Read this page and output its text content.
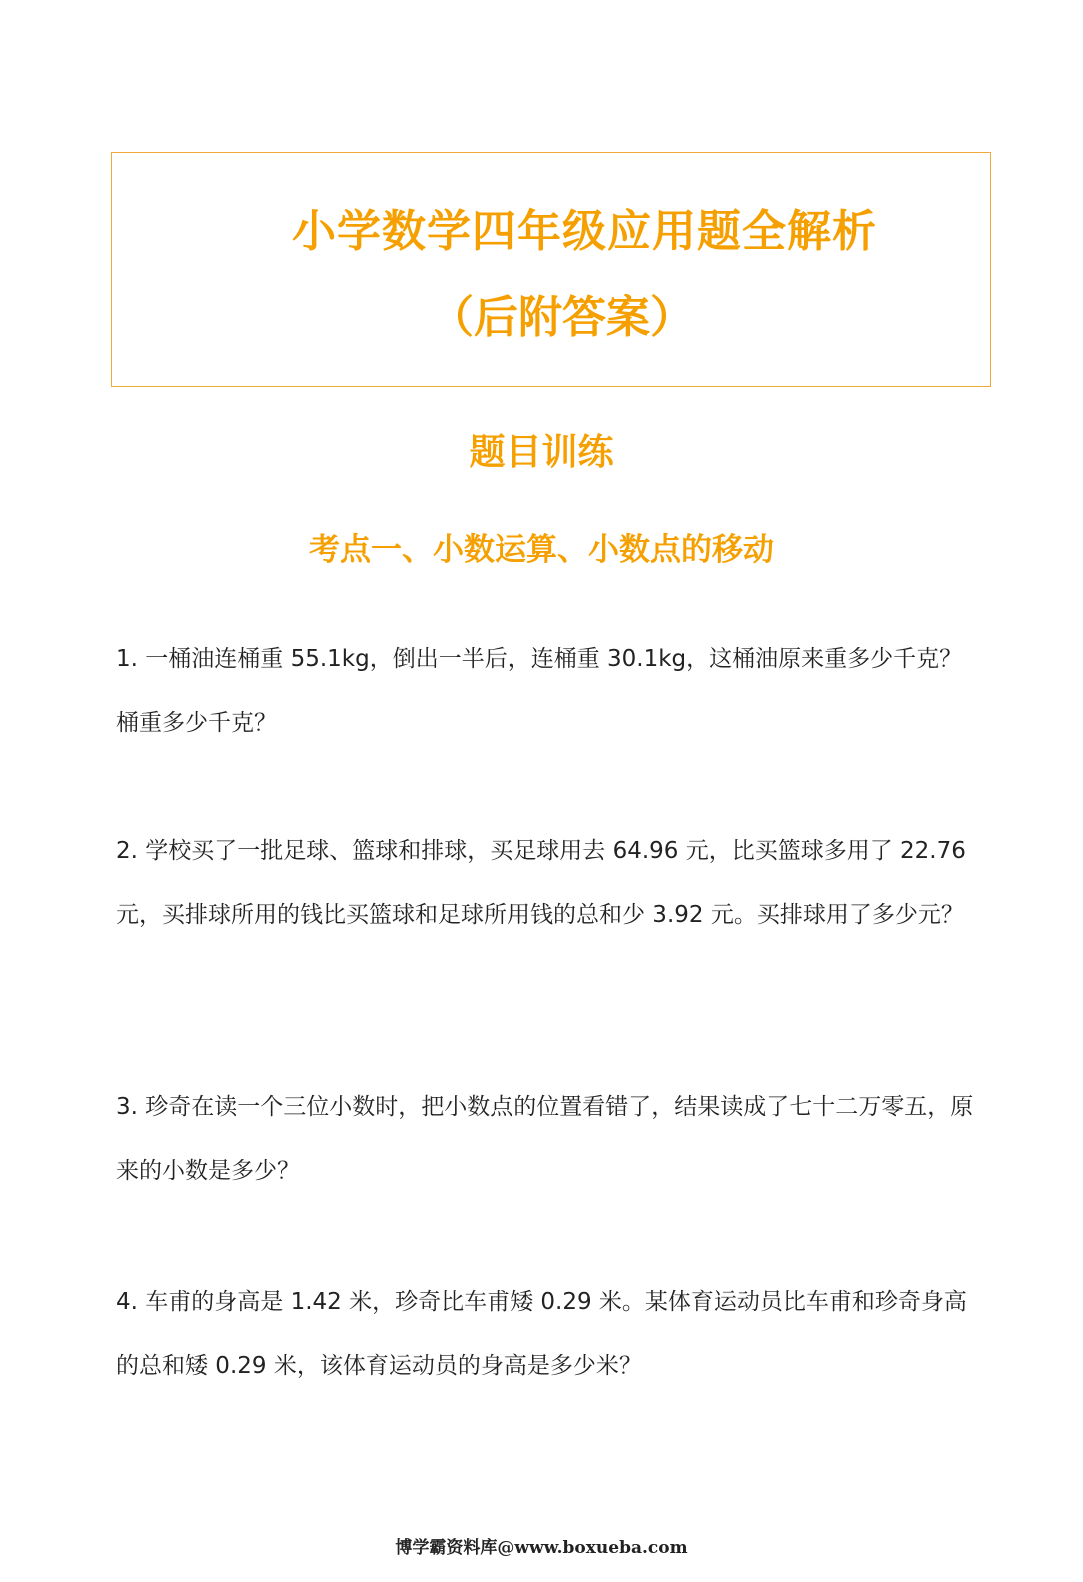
小学数学四年级应用题全解析
（后附答案）
题目训练
考点一、小数运算、小数点的移动
1. 一桶油连桶重 55.1kg，倒出一半后，连桶重 30.1kg，这桶油原来重多少千克？桶重多少千克？
2. 学校买了一批足球、篮球和排球，买足球用去 64.96 元，比买篮球多用了 22.76 元，买排球所用的钱比买篮球和足球所用钱的总和少 3.92 元。买排球用了多少元？
3. 珍奇在读一个三位小数时，把小数点的位置看错了，结果读成了七十二万零五，原来的小数是多少？
4. 车甫的身高是 1.42 米，珍奇比车甫矮 0.29 米。某体育运动员比车甫和珍奇身高的总和矮 0.29 米，该体育运动员的身高是多少米？
博学霸资料库@www.boxueba.com
